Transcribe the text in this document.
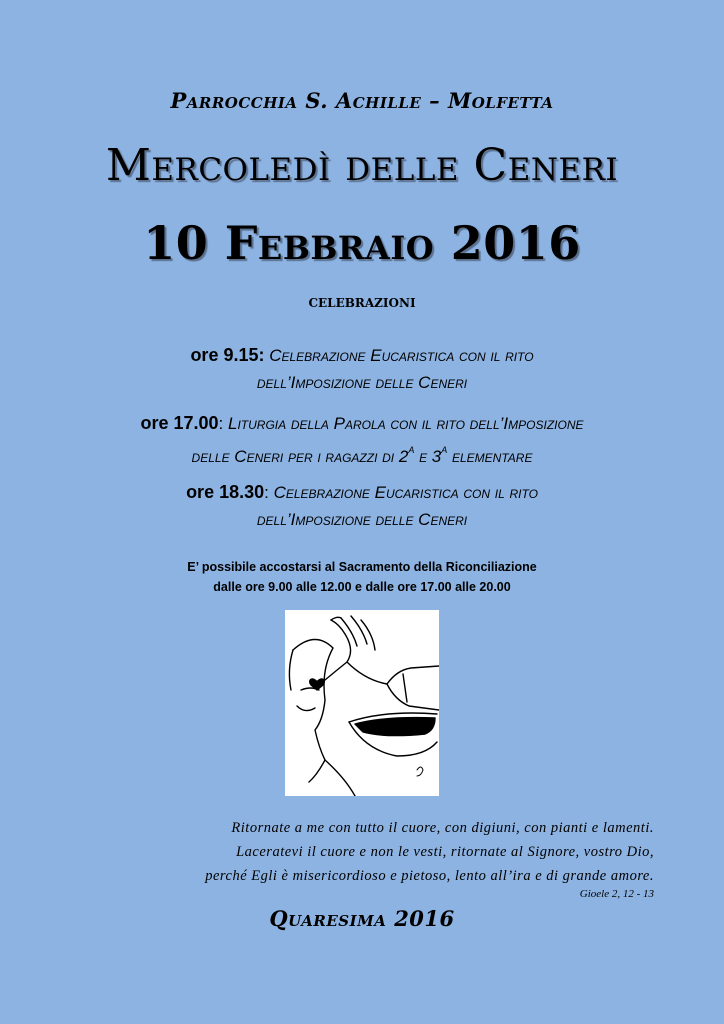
Parrocchia S. Achille – Molfetta
Mercoledì delle Ceneri
10 Febbraio 2016
celebrazioni
ore 9.15: Celebrazione Eucaristica con il rito
dell’Imposizione delle Ceneri
ore 17.00: Liturgia della Parola con il rito dell’Imposizione
delle Ceneri per i ragazzi di $2^A$ e $3^A$ elementare
ore 18.30: Celebrazione Eucaristica con il rito
dell’Imposizione delle Ceneri
E’ possibile accostarsi al Sacramento della Riconciliazione
dalle ore 9.00 alle 12.00 e dalle ore 17.00 alle 20.00
Ritornate a me con tutto il cuore, con digiuni, con pianti e lamenti.
Laceratevi il cuore e non le vesti, ritornate al Signore, vostro Dio,
perché Egli è misericordioso e pietoso, lento all’ira e di grande amore.
Gioele 2, 12 - 13
Quaresima 2016
